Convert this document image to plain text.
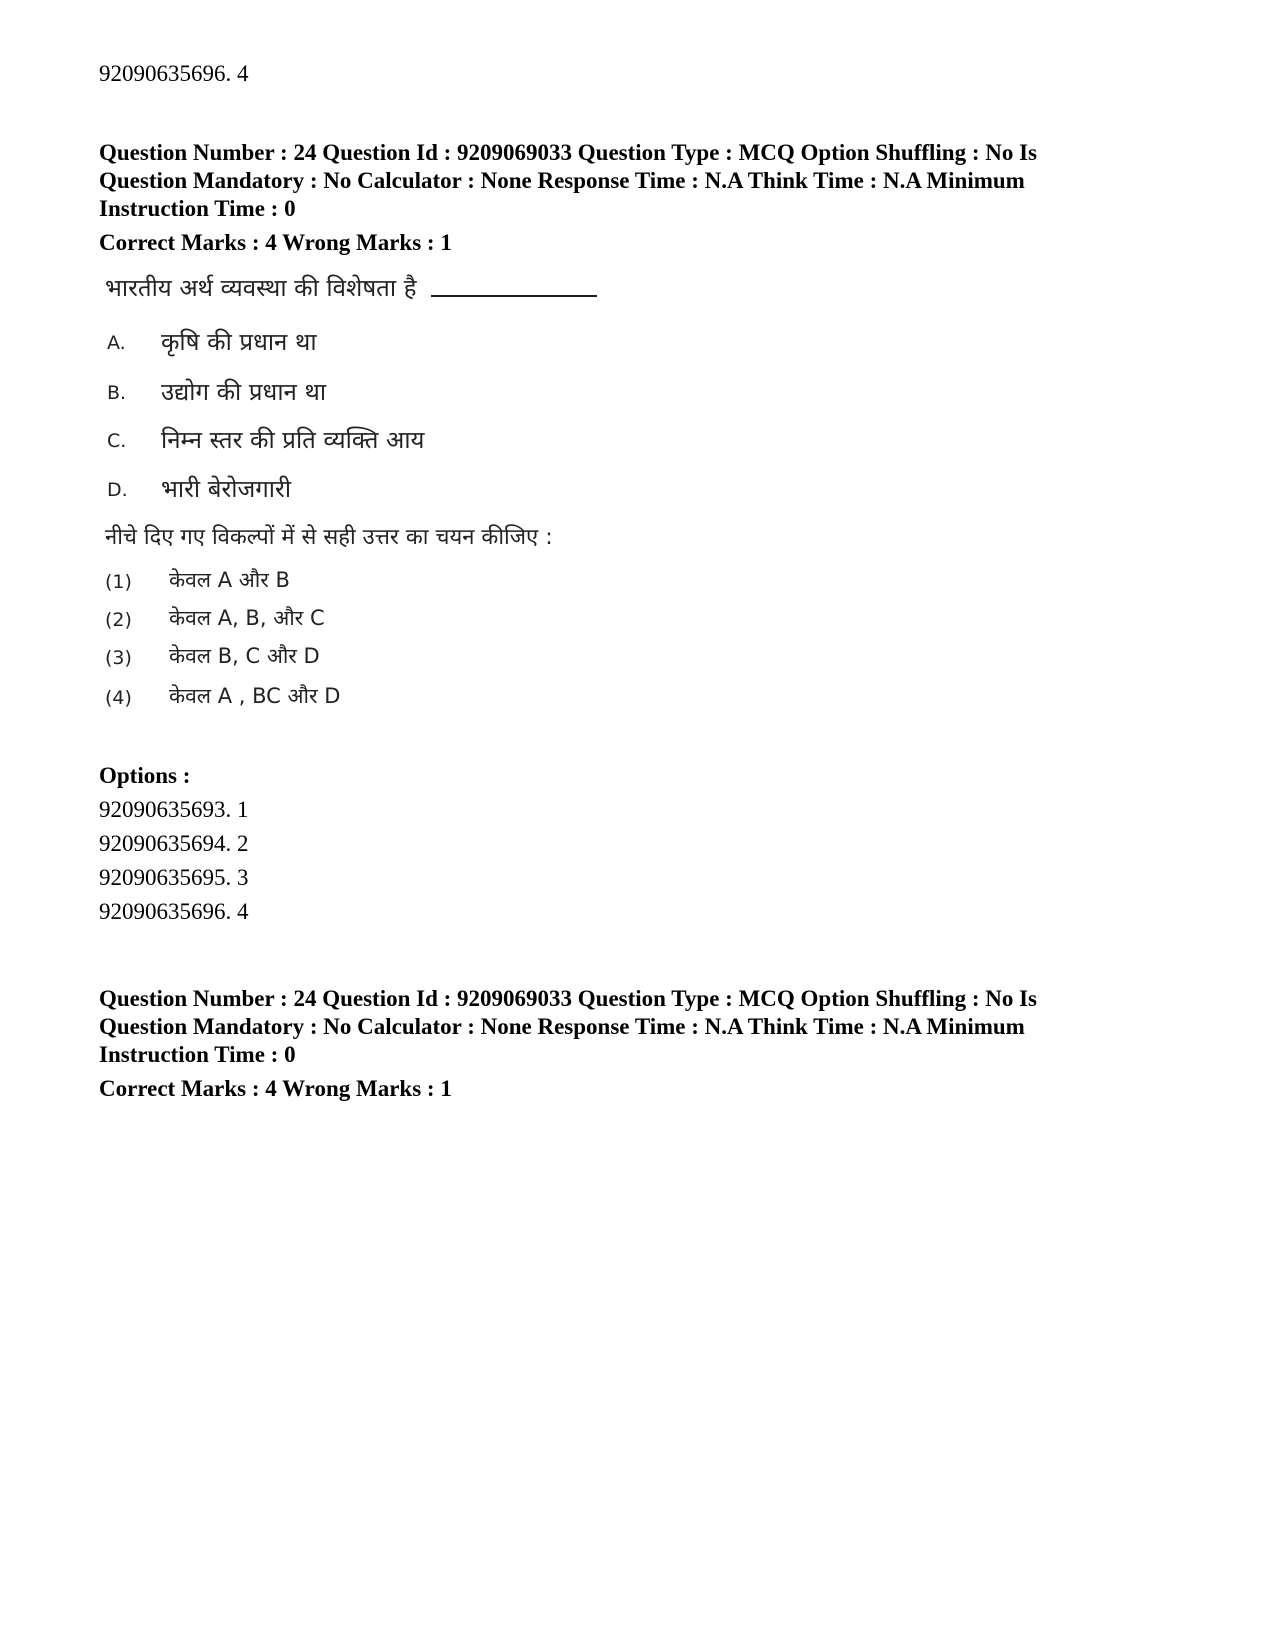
92090635696. 4
Question Number : 24 Question Id : 9209069033 Question Type : MCQ Option Shuffling : No Is
Question Mandatory : No Calculator : None Response Time : N.A Think Time : N.A Minimum
Instruction Time : 0
Correct Marks : 4 Wrong Marks : 1
भारतीय अर्थ व्यवस्था की विशेषता है
A. कृषि की प्रधान था
B. उद्योग की प्रधान था
C. निम्न स्तर की प्रति व्यक्ति आय
D. भारी बेरोजगारी
नीचे दिए गए विकल्पों में से सही उत्तर का चयन कीजिए :
(1) केवल A और B
(2) केवल A, B, और C
(3) केवल B, C और D
(4) केवल A , BC और D
Options :
92090635693. 1
92090635694. 2
92090635695. 3
92090635696. 4
Question Number : 24 Question Id : 9209069033 Question Type : MCQ Option Shuffling : No Is
Question Mandatory : No Calculator : None Response Time : N.A Think Time : N.A Minimum
Instruction Time : 0
Correct Marks : 4 Wrong Marks : 1
